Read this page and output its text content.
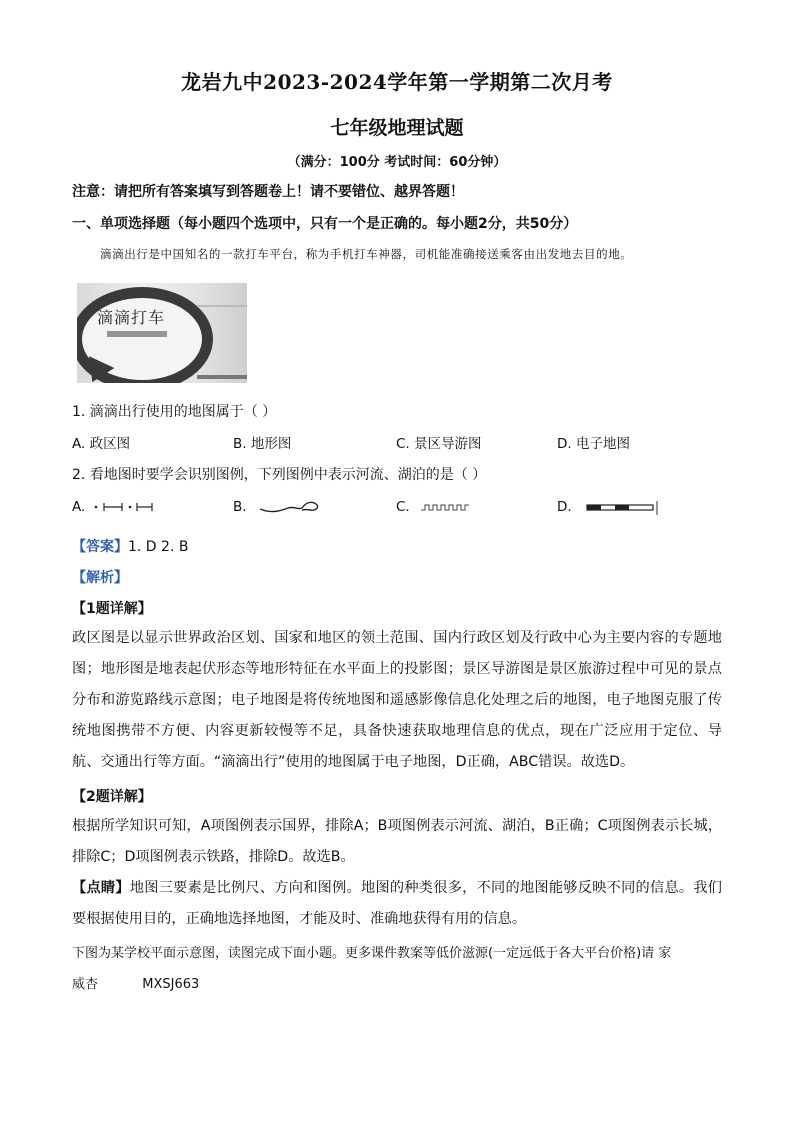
龙岩九中2023-2024学年第一学期第二次月考
七年级地理试题
（满分：100分 考试时间：60分钟）
注意：请把所有答案填写到答题卷上！请不要错位、越界答题！
一、单项选择题（每小题四个选项中，只有一个是正确的。每小题2分，共50分）
滴滴出行是中国知名的一款打车平台，称为手机打车神器，司机能准确接送乘客由出发地去目的地。
滴滴打车
1. 滴滴出行使用的地图属于（ ）
A. 政区图	B. 地形图	C. 景区导游图	D. 电子地图
2. 看地图时要学会识别图例，下列图例中表示河流、湖泊的是（ ）
A.	B.	C.	D.
【答案】1. D 2. B
【解析】
【1题详解】
政区图是以显示世界政治区划、国家和地区的领土范围、国内行政区划及行政中心为主要内容的专题地图；地形图是地表起伏形态等地形特征在水平面上的投影图；景区导游图是景区旅游过程中可见的景点分布和游览路线示意图；电子地图是将传统地图和遥感影像信息化处理之后的地图，电子地图克服了传统地图携带不方便、内容更新较慢等不足，具备快速获取地理信息的优点，现在广泛应用于定位、导航、交通出行等方面。“滴滴出行”使用的地图属于电子地图，D正确，ABC错误。故选D。
【2题详解】
根据所学知识可知，A项图例表示国界，排除A；B项图例表示河流、湖泊，B正确；C项图例表示长城，排除C；D项图例表示铁路，排除D。故选B。
【点睛】地图三要素是比例尺、方向和图例。地图的种类很多，不同的地图能够反映不同的信息。我们要根据使用目的，正确地选择地图，才能及时、准确地获得有用的信息。
下图为某学校平面示意图，读图完成下面小题。更多课件教案等低价滋源(一定远低于各大平台价格)请 家
威杏	MXSJ663
